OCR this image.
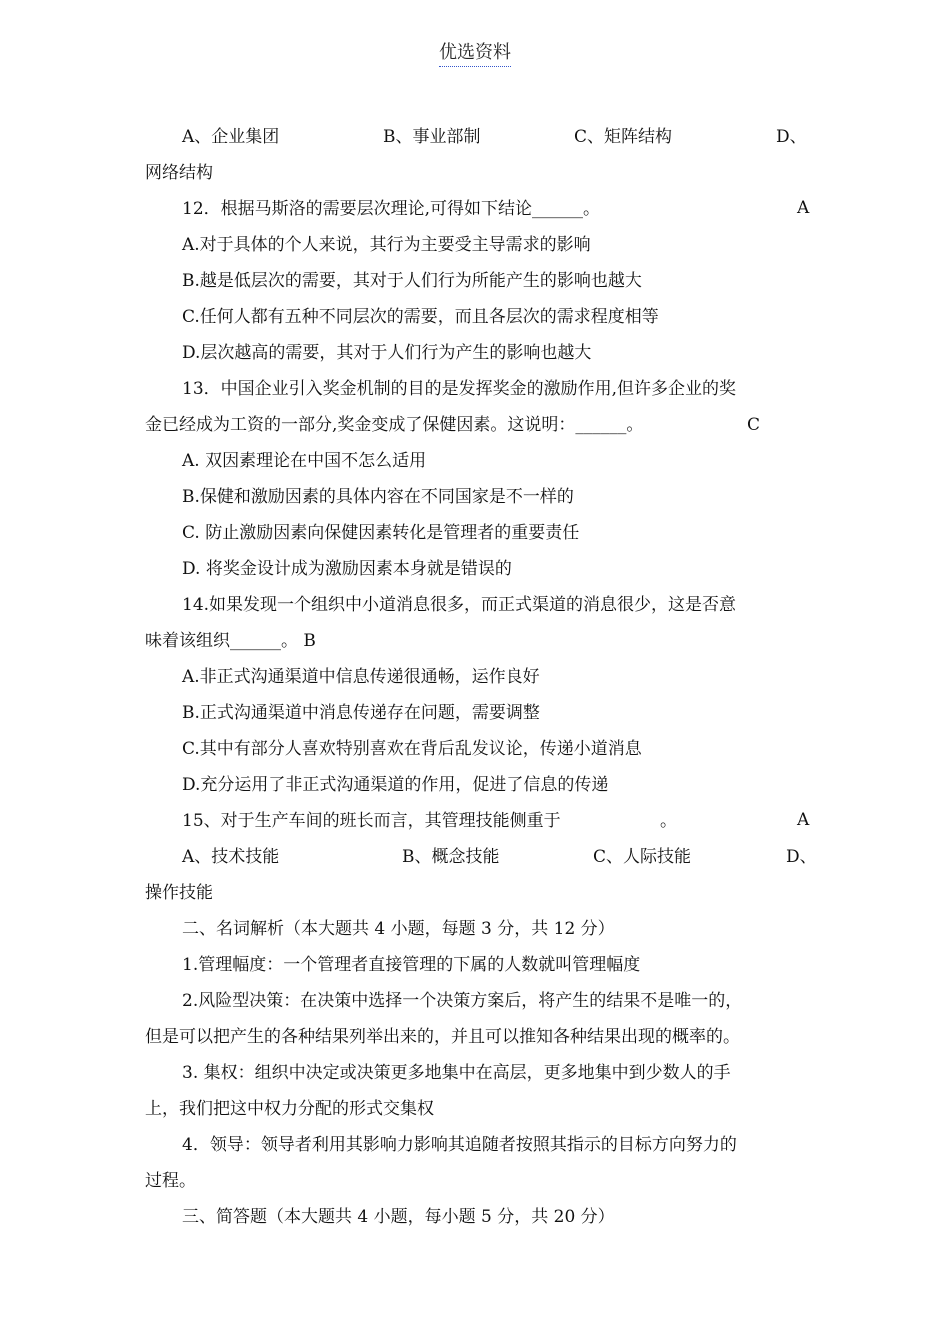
优选资料
A、企业集团	B、事业部制	C、矩阵结构	D、
网络结构
12．根据马斯洛的需要层次理论,可得如下结论______。	A
A.对于具体的个人来说，其行为主要受主导需求的影响
B.越是低层次的需要，其对于人们行为所能产生的影响也越大
C.任何人都有五种不同层次的需要，而且各层次的需求程度相等
D.层次越高的需要，其对于人们行为产生的影响也越大
13．中国企业引入奖金机制的目的是发挥奖金的激励作用,但许多企业的奖
金已经成为工资的一部分,奖金变成了保健因素。这说明：______。	C
A. 双因素理论在中国不怎么适用
B.保健和激励因素的具体内容在不同国家是不一样的
C. 防止激励因素向保健因素转化是管理者的重要责任
D. 将奖金设计成为激励因素本身就是错误的
14.如果发现一个组织中小道消息很多，而正式渠道的消息很少，这是否意
味着该组织______。 B
A.非正式沟通渠道中信息传递很通畅，运作良好
B.正式沟通渠道中消息传递存在问题，需要调整
C.其中有部分人喜欢特别喜欢在背后乱发议论，传递小道消息
D.充分运用了非正式沟通渠道的作用，促进了信息的传递
15、对于生产车间的班长而言，其管理技能侧重于	。	A
A、技术技能	B、概念技能	C、人际技能	D、
操作技能
二、名词解析（本大题共 4 小题，每题 3 分，共 12 分）
1.管理幅度：一个管理者直接管理的下属的人数就叫管理幅度
2.风险型决策：在决策中选择一个决策方案后，将产生的结果不是唯一的，
但是可以把产生的各种结果列举出来的，并且可以推知各种结果出现的概率的。
3. 集权：组织中决定或决策更多地集中在高层，更多地集中到少数人的手
上，我们把这中权力分配的形式交集权
4．领导：领导者利用其影响力影响其追随者按照其指示的目标方向努力的
过程。
三、简答题（本大题共 4 小题，每小题 5 分，共 20 分）
